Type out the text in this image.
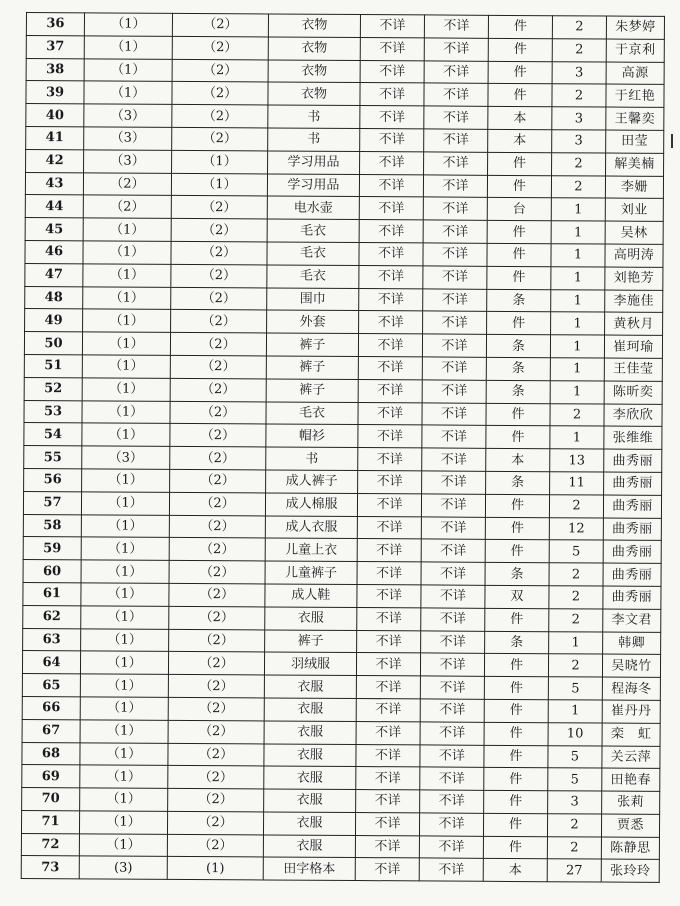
36	（1）	（2）	衣物	不详	不详	件	2	朱梦婷
37	（1）	（2）	衣物	不详	不详	件	2	于京利
38	（1）	（2）	衣物	不详	不详	件	3	高源
39	（1）	（2）	衣物	不详	不详	件	2	于红艳
40	（3）	（2）	书	不详	不详	本	3	王馨奕
41	（3）	（2）	书	不详	不详	本	3	田莹
42	（3）	（1）	学习用品	不详	不详	件	2	解美楠
43	（2）	（1）	学习用品	不详	不详	件	2	李姗
44	（2）	（2）	电水壶	不详	不详	台	1	刘业
45	（1）	（2）	毛衣	不详	不详	件	1	吴林
46	（1）	（2）	毛衣	不详	不详	件	1	高明涛
47	（1）	（2）	毛衣	不详	不详	件	1	刘艳芳
48	（1）	（2）	围巾	不详	不详	条	1	李施佳
49	（1）	（2）	外套	不详	不详	件	1	黄秋月
50	（1）	（2）	裤子	不详	不详	条	1	崔珂瑜
51	（1）	（2）	裤子	不详	不详	条	1	王佳莹
52	（1）	（2）	裤子	不详	不详	条	1	陈昕奕
53	（1）	（2）	毛衣	不详	不详	件	2	李欣欣
54	（1）	（2）	帽衫	不详	不详	件	1	张维维
55	（3）	（2）	书	不详	不详	本	13	曲秀丽
56	（1）	（2）	成人裤子	不详	不详	条	11	曲秀丽
57	（1）	（2）	成人棉服	不详	不详	件	2	曲秀丽
58	（1）	（2）	成人衣服	不详	不详	件	12	曲秀丽
59	（1）	（2）	儿童上衣	不详	不详	件	5	曲秀丽
60	（1）	（2）	儿童裤子	不详	不详	条	2	曲秀丽
61	（1）	（2）	成人鞋	不详	不详	双	2	曲秀丽
62	（1）	（2）	衣服	不详	不详	件	2	李文君
63	（1）	（2）	裤子	不详	不详	条	1	韩卿
64	（1）	（2）	羽绒服	不详	不详	件	2	吴晓竹
65	（1）	（2）	衣服	不详	不详	件	5	程海冬
66	（1）	（2）	衣服	不详	不详	件	1	崔丹丹
67	（1）	（2）	衣服	不详	不详	件	10	栾　虹
68	（1）	（2）	衣服	不详	不详	件	5	关云萍
69	（1）	（2）	衣服	不详	不详	件	5	田艳春
70	（1）	（2）	衣服	不详	不详	件	3	张莉
71	（1）	（2）	衣服	不详	不详	件	2	贾悉
72	（1）	（2）	衣服	不详	不详	件	2	陈静思
73	(3)	(1)	田字格本	不详	不详	本	27	张玲玲
